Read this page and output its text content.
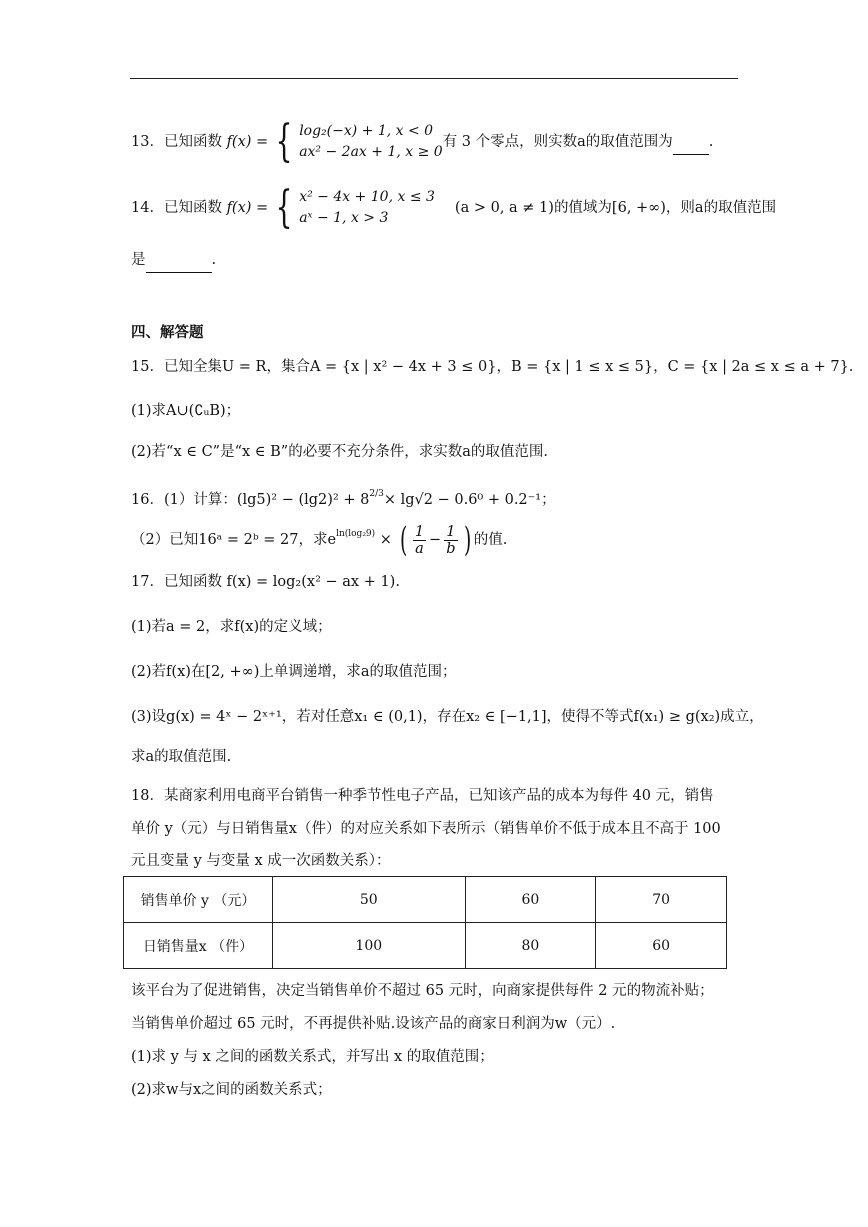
13．已知函数 f(x) = { log₂(−x) + 1, x < 0
ax² − 2ax + 1, x ≥ 0有 3 个零点，则实数a的取值范围为 .
14．已知函数 f(x) = { x² − 4x + 10, x ≤ 3
aˣ − 1, x > 3(a > 0, a ≠ 1)的值域为[6, +∞)，则a的取值范围
是	.
四、解答题
15．已知全集U = R，集合A = {x | x² − 4x + 3 ≤ 0}，B = {x | 1 ≤ x ≤ 5}，C = {x | 2a ≤ x ≤ a + 7}.
(1)求A∪(∁ᵤB)；
(2)若“x ∈ C”是“x ∈ B”的必要不充分条件，求实数a的取值范围.
16．(1）计算：$(\lg 5)^2 - (\lg 2)^2 + 8^{2/3}\times \lg√2 - 0.6^0 + 0.2^{-1}$；
（2）已知16ᵃ = 2ᵇ = 27，求$e^{ln(log_29)}$ × ( $\frac{1}{a} - \frac{1}{b}$ ) 的值.
17．已知函数 f(x) = log₂(x² − ax + 1).
(1)若a = 2，求f(x)的定义域；
(2)若f(x)在[2, +∞)上单调递增，求a的取值范围；
(3)设g(x) = 4ˣ − 2ˣ⁺¹，若对任意x₁ ∈ (0,1)，存在x₂ ∈ [−1,1]，使得不等式f(x₁) ≥ g(x₂)成立，
求a的取值范围.
18．某商家利用电商平台销售一种季节性电子产品，已知该产品的成本为每件 40 元，销售
单价 y（元）与日销售量x（件）的对应关系如下表所示（销售单价不低于成本且不高于 100
元且变量 y 与变量 x 成一次函数关系）：
销售单价 y （元）	50	60	70
日销售量x （件）	100	80	60
该平台为了促进销售，决定当销售单价不超过 65 元时，向商家提供每件 2 元的物流补贴；
当销售单价超过 65 元时，不再提供补贴.设该产品的商家日利润为w（元）.
(1)求 y 与 x 之间的函数关系式，并写出 x 的取值范围；
(2)求w与x之间的函数关系式；
